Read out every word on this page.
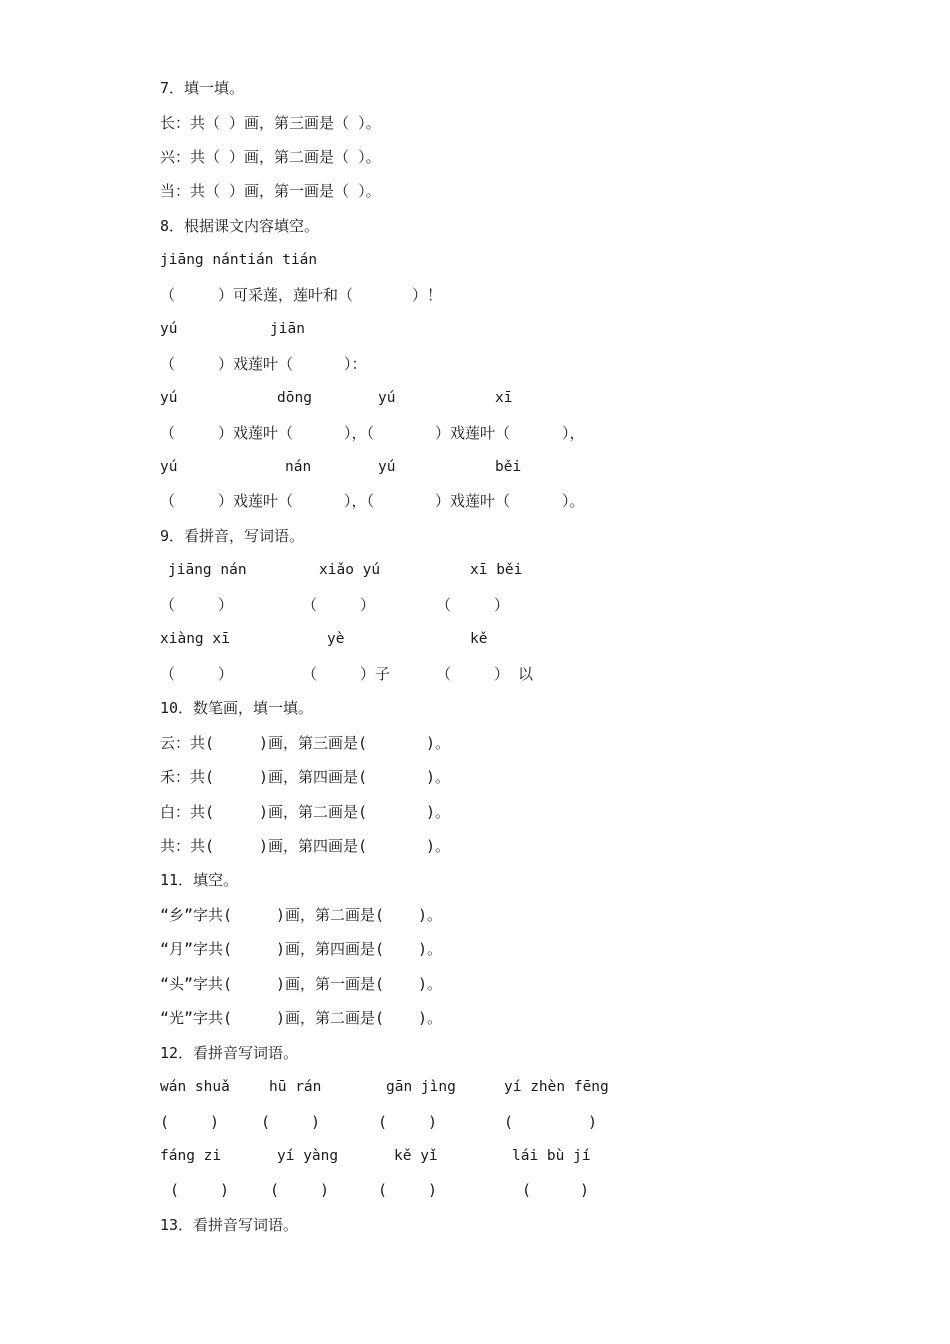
7．填一填。
长：共（ ）画，第三画是（ ）。
兴：共（ ）画，第二画是（ ）。
当：共（ ）画，第一画是（ ）。
8．根据课文内容填空。
jiāng nántián tián
（	）可采莲，莲叶和（	）！
yú	jiān
（	）戏莲叶（	）：
yú	dōng	yú	xī
（	）戏莲叶（	），（	）戏莲叶（	），
yú	nán	yú	běi
（	）戏莲叶（	），（	）戏莲叶（	）。
9．看拼音，写词语。
jiāng nán	xiǎo yú	xī běi
（	）	（	）	（	）
xiàng xī	yè	kě
（	）	（	）子	（	） 以
10．数笔画，填一填。
云：共(	)画，第三画是(	)。
禾：共(	)画，第四画是(	)。
白：共(	)画，第二画是(	)。
共：共(	)画，第四画是(	)。
11．填空。
“乡”字共(	)画，第二画是( )。
“月”字共(	)画，第四画是( )。
“头”字共(	)画，第一画是( )。
“光”字共(	)画，第二画是( )。
12．看拼音写词语。
wán shuǎ	hū rán	gān jìng	yí zhèn fēng
(	)	(	)	(	)	(	)
fáng zi	yí yàng	kě yǐ	lái bù jí
(	)	(	)	(	)	(	)
13．看拼音写词语。
